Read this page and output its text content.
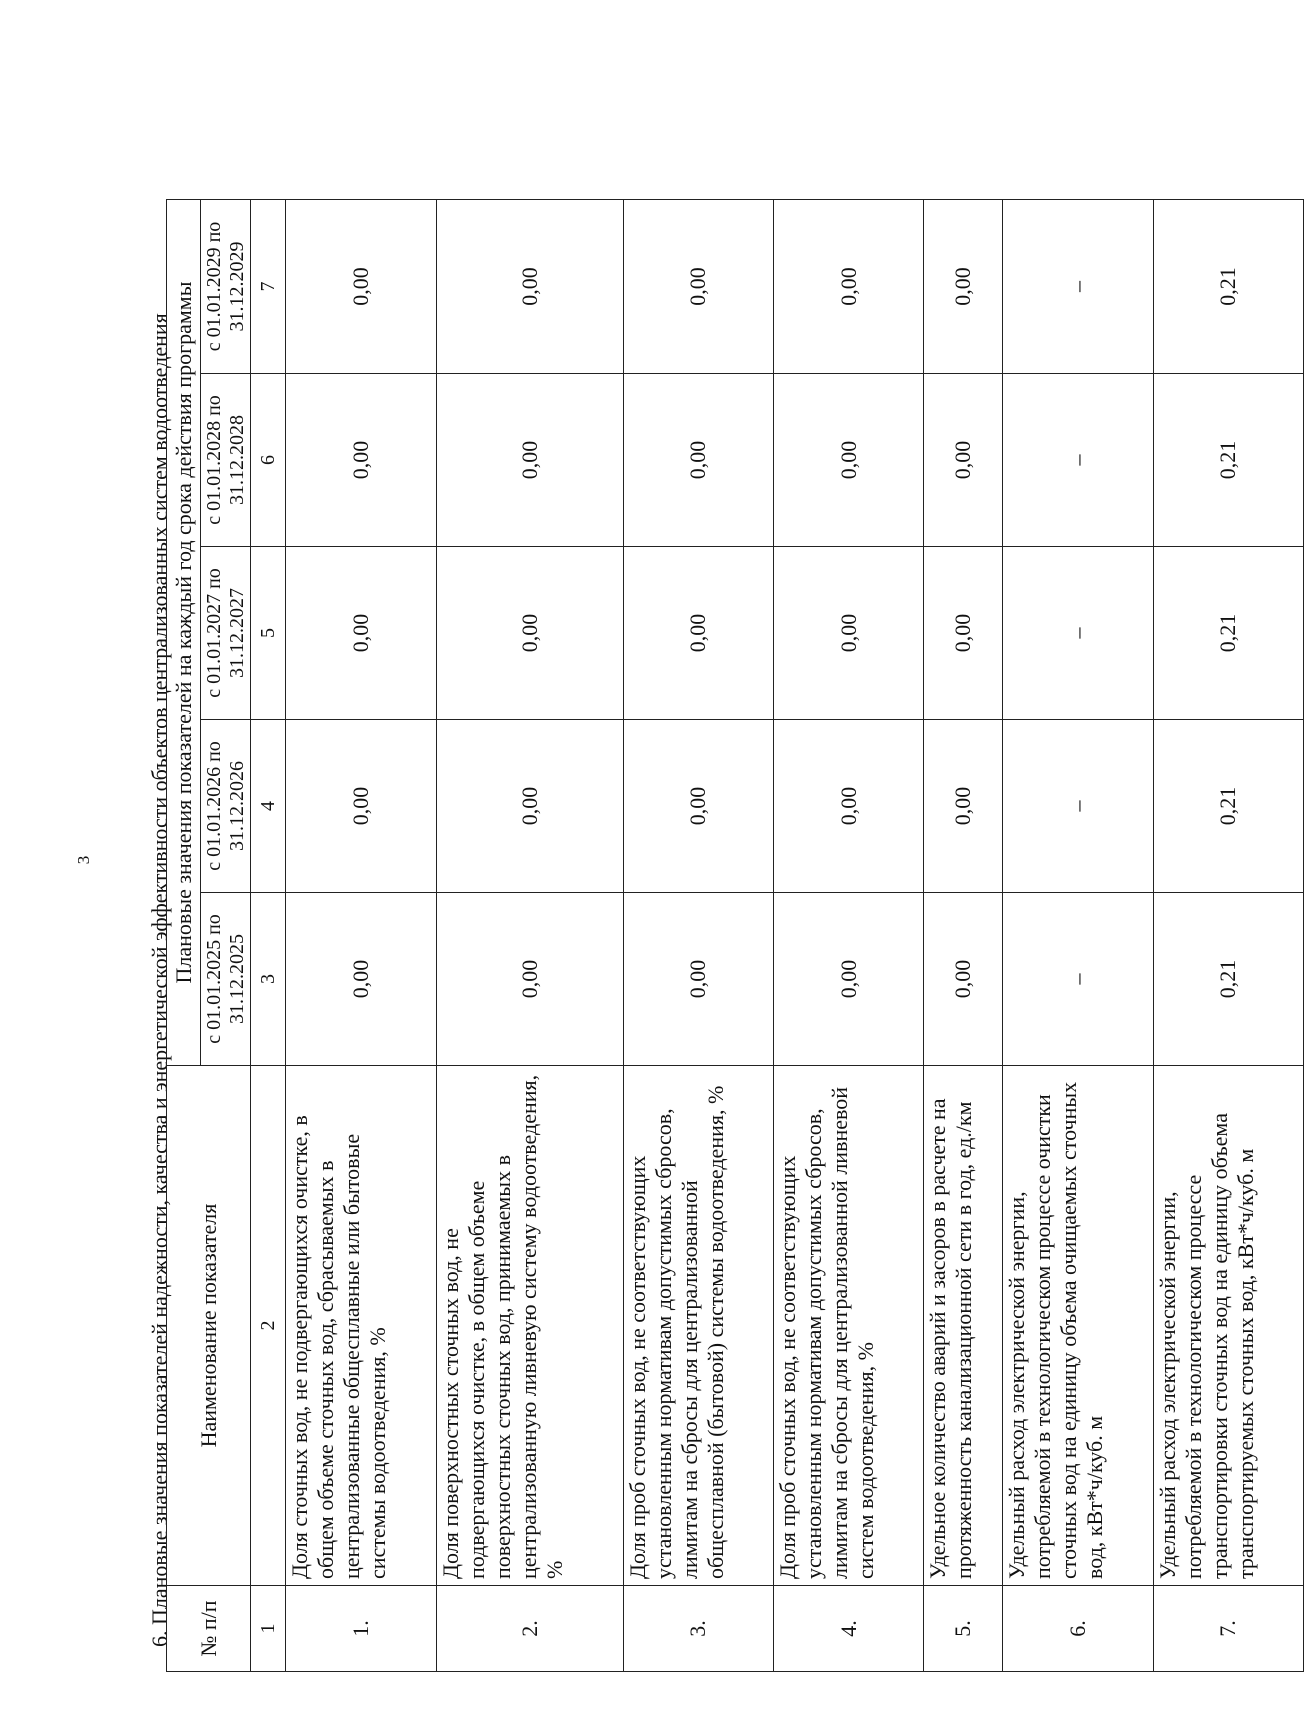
3 6. Плановые значения показателей надежности, качества и энергетической эффективности объектов централизованных систем водоотведения № п/п	Наименование показателя	Плановые значения показателей на каждый год срока действия программы				
		с 01.01.2025 по 31.12.2025	с 01.01.2026 по 31.12.2026	с 01.01.2027 по 31.12.2027	с 01.01.2028 по 31.12.2028	с 01.01.2029 по 31.12.2029
1	2	3	4	5	6	7
1.	Доля сточных вод, не подвергающихся очистке, в общем объеме сточных вод, сбрасываемых в централизованные общесплавные или бытовые системы водоотведения, %	0,00	0,00	0,00	0,00	0,00
2.	Доля поверхностных сточных вод, не подвергающихся очистке, в общем объеме поверхностных сточных вод, принимаемых в централизованную ливневую систему водоотведения, %	0,00	0,00	0,00	0,00	0,00
3.	Доля проб сточных вод, не соответствующих установленным нормативам допустимых сбросов, лимитам на сбросы для централизованной общесплавной (бытовой) системы водоотведения, %	0,00	0,00	0,00	0,00	0,00
4.	Доля проб сточных вод, не соответствующих установленным нормативам допустимых сбросов, лимитам на сбросы для централизованной ливневой систем водоотведения, %	0,00	0,00	0,00	0,00	0,00
5.	Удельное количество аварий и засоров в расчете на протяженность канализационной сети в год, ед./км	0,00	0,00	0,00	0,00	0,00
6.	Удельный расход электрической энергии, потребляемой в технологическом процессе очистки сточных вод на единицу объема очищаемых сточных вод, кВт*ч/куб. м	–	–	–	–	–
7.	Удельный расход электрической энергии, потребляемой в технологическом процессе транспортировки сточных вод на единицу объема транспортируемых сточных вод, кВт*ч/куб. м	0,21	0,21	0,21	0,21	0,21
